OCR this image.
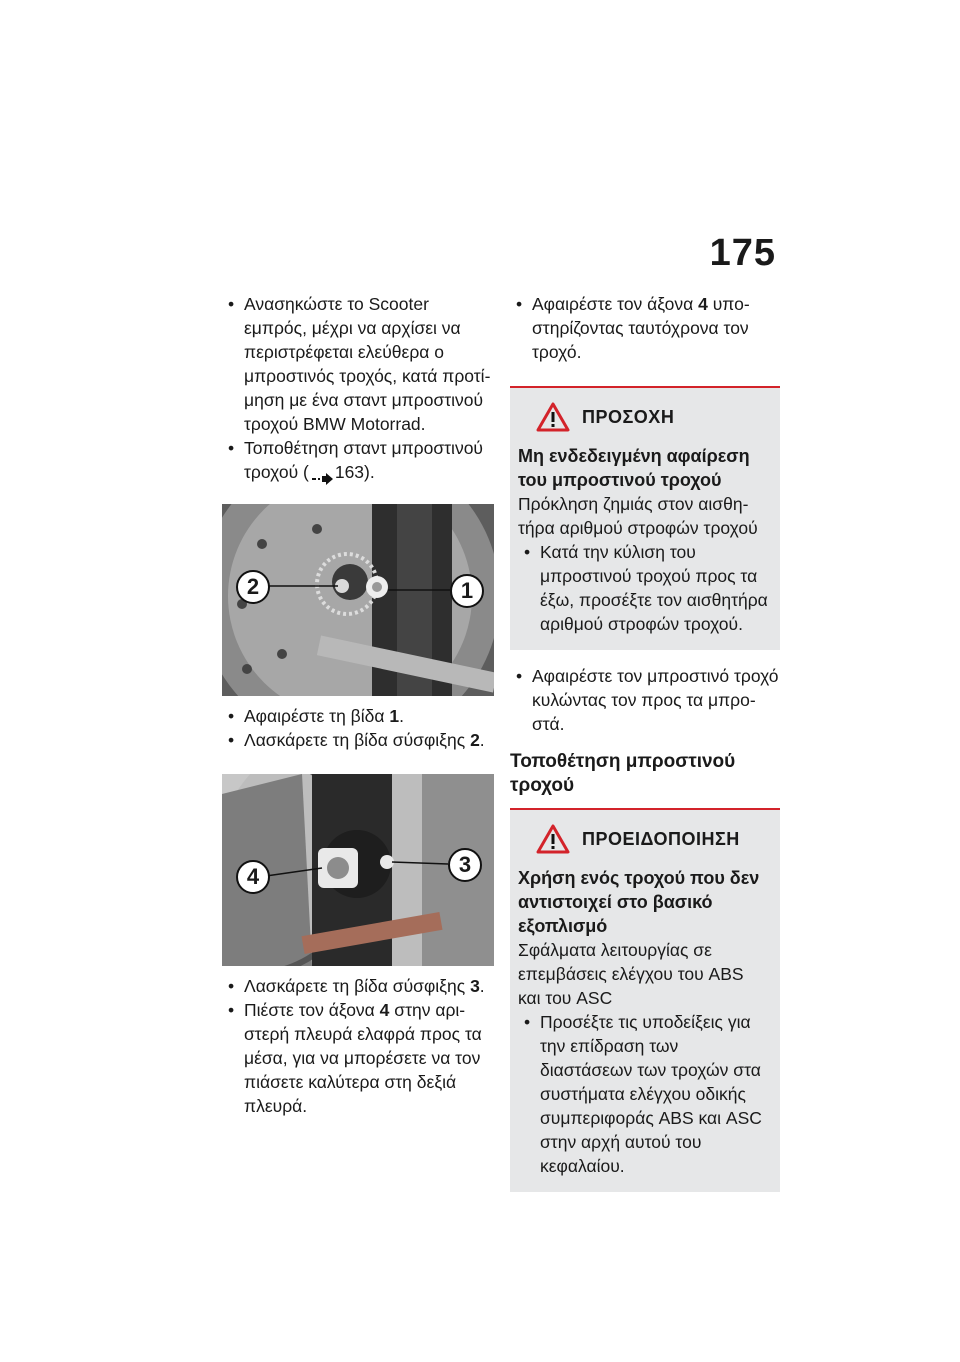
175
• Ανασηκώστε το Scooter εμπρός, μέχρι να αρχίσει να περιστρέφεται ελεύθερα ο μπροστινός τροχός, κατά προτίμηση με ένα σταντ μπροστινού τροχού BMW Motorrad.
• Τοποθέτηση σταντ μπροστινού τροχού ( 163).
2	1
• Αφαιρέστε τη βίδα 1.
• Λασκάρετε τη βίδα σύσφιξης 2.
4	3
• Λασκάρετε τη βίδα σύσφιξης 3.
• Πιέστε τον άξονα 4 στην αριστερή πλευρά ελαφρά προς τα μέσα, για να μπορέσετε να τον πιάσετε καλύτερα στη δεξιά πλευρά.
• Αφαιρέστε τον άξονα 4 υποστηρίζοντας ταυτόχρονα τον τροχό.
ΠΡΟΣΟΧΗ
Μη ενδεδειγμένη αφαίρεση του μπροστινού τροχού
Πρόκληση ζημιάς στον αισθητήρα αριθμού στροφών τροχού
• Κατά την κύλιση του μπροστινού τροχού προς τα έξω, προσέξτε τον αισθητήρα αριθμού στροφών τροχού.
• Αφαιρέστε τον μπροστινό τροχό κυλώντας τον προς τα μπροστά.
Τοποθέτηση μπροστινού τροχού
ΠΡΟΕΙΔΟΠΟΙΗΣΗ
Χρήση ενός τροχού που δεν αντιστοιχεί στο βασικό εξοπλισμό
Σφάλματα λειτουργίας σε επεμβάσεις ελέγχου του ABS και του ASC
• Προσέξτε τις υποδείξεις για την επίδραση των διαστάσεων των τροχών στα συστήματα ελέγχου οδικής συμπεριφοράς ABS και ASC στην αρχή αυτού του κεφαλαίου.
